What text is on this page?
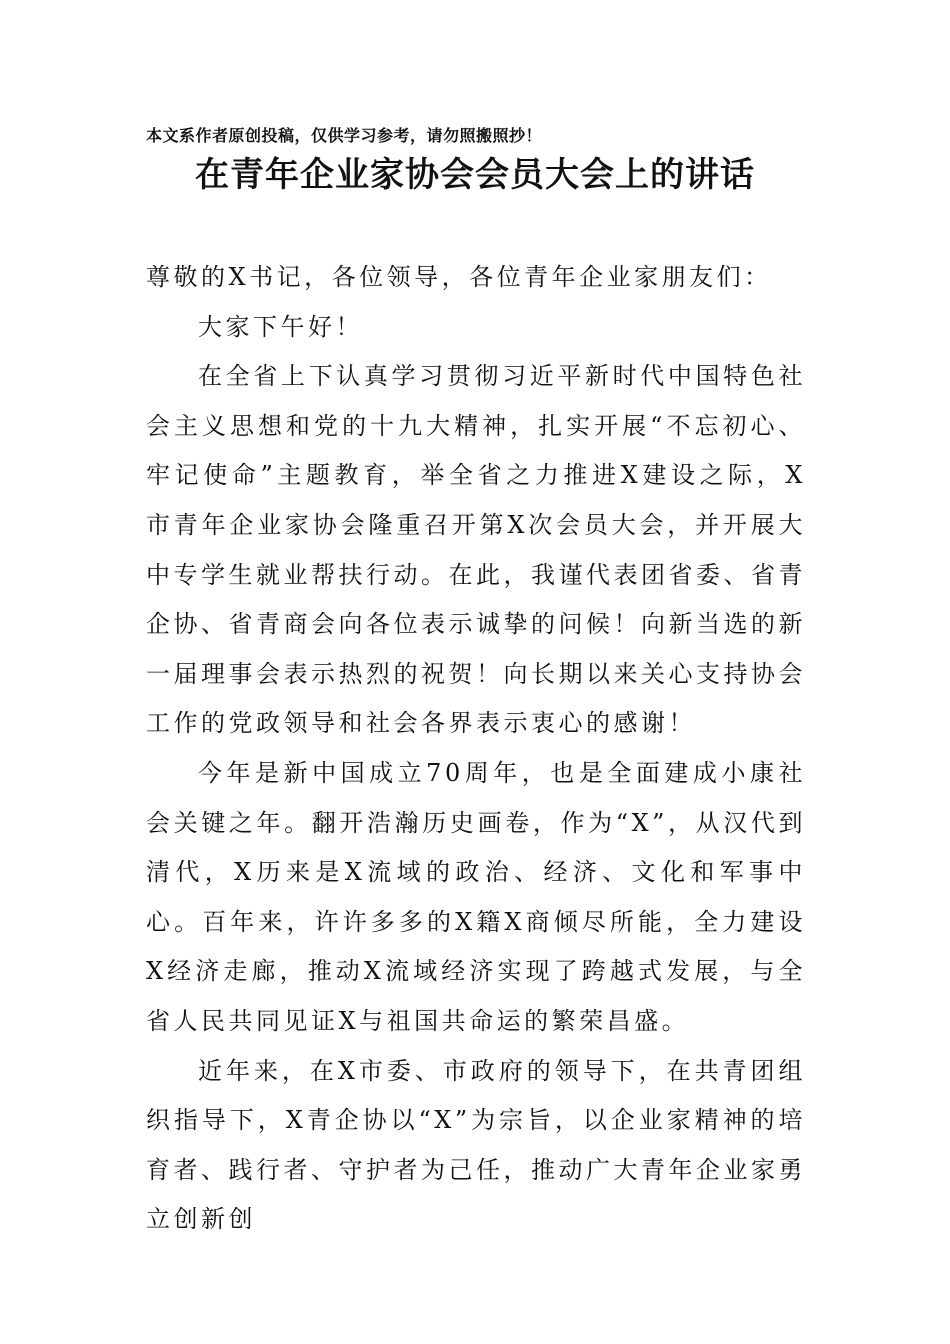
本文系作者原创投稿，仅供学习参考，请勿照搬照抄！
在青年企业家协会会员大会上的讲话

尊敬的X书记，各位领导，各位青年企业家朋友们：

大家下午好！

在全省上下认真学习贯彻习近平新时代中国特色社会主义思想和党的十九大精神，扎实开展“不忘初心、牢记使命”主题教育，举全省之力推进X建设之际，X市青年企业家协会隆重召开第X次会员大会，并开展大中专学生就业帮扶行动。在此，我谨代表团省委、省青企协、省青商会向各位表示诚挚的问候！向新当选的新一届理事会表示热烈的祝贺！向长期以来关心支持协会工作的党政领导和社会各界表示衷心的感谢！

今年是新中国成立70周年，也是全面建成小康社会关键之年。翻开浩瀚历史画卷，作为“X”，从汉代到清代，X历来是X流域的政治、经济、文化和军事中心。百年来，许许多多的X籍X商倾尽所能，全力建设X经济走廊，推动X流域经济实现了跨越式发展，与全省人民共同见证X与祖国共命运的繁荣昌盛。

近年来，在X市委、市政府的领导下，在共青团组织指导下，X青企协以“X”为宗旨，以企业家精神的培育者、践行者、守护者为己任，推动广大青年企业家勇立创新创
